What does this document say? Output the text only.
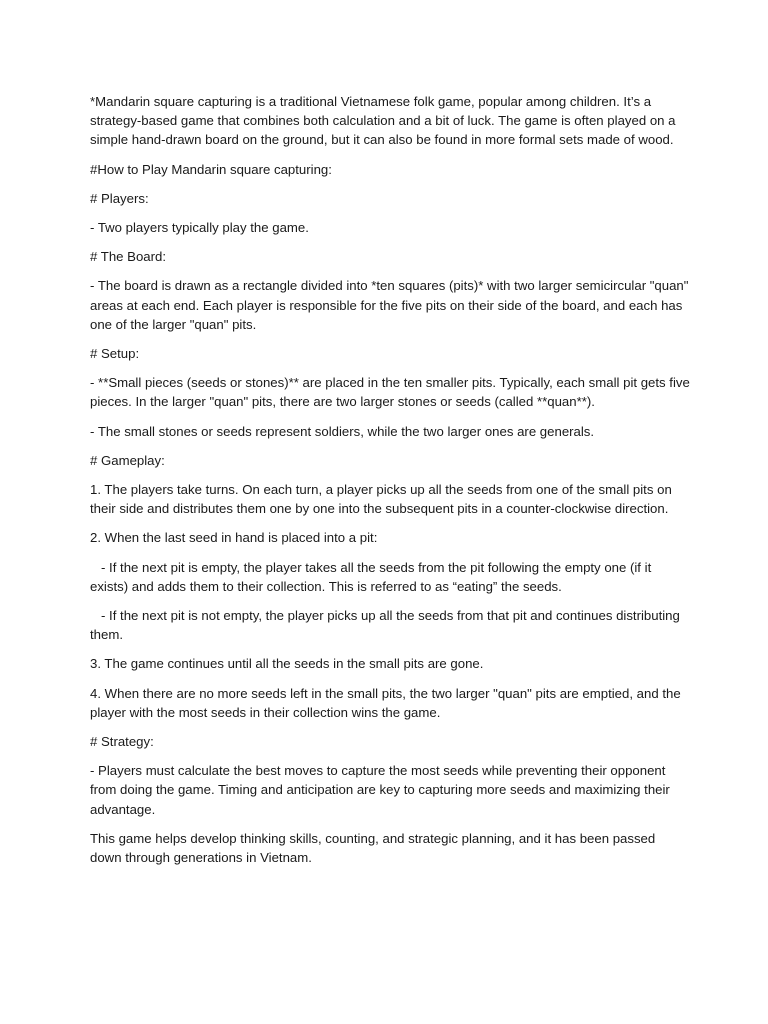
*Mandarin square capturing is a traditional Vietnamese folk game, popular among children. It’s a strategy-based game that combines both calculation and a bit of luck. The game is often played on a simple hand-drawn board on the ground, but it can also be found in more formal sets made of wood.

#How to Play Mandarin square capturing:

# Players:

- Two players typically play the game.

# The Board:

- The board is drawn as a rectangle divided into *ten squares (pits)* with two larger semicircular "quan" areas at each end. Each player is responsible for the five pits on their side of the board, and each has one of the larger "quan" pits.

# Setup:

- **Small pieces (seeds or stones)** are placed in the ten smaller pits. Typically, each small pit gets five pieces. In the larger "quan" pits, there are two larger stones or seeds (called **quan**).

- The small stones or seeds represent soldiers, while the two larger ones are generals.

# Gameplay:

1. The players take turns. On each turn, a player picks up all the seeds from one of the small pits on their side and distributes them one by one into the subsequent pits in a counter-clockwise direction.

2. When the last seed in hand is placed into a pit:

- If the next pit is empty, the player takes all the seeds from the pit following the empty one (if it exists) and adds them to their collection. This is referred to as “eating” the seeds.

- If the next pit is not empty, the player picks up all the seeds from that pit and continues distributing them.

3. The game continues until all the seeds in the small pits are gone.

4. When there are no more seeds left in the small pits, the two larger "quan" pits are emptied, and the player with the most seeds in their collection wins the game.

# Strategy:

- Players must calculate the best moves to capture the most seeds while preventing their opponent from doing the game. Timing and anticipation are key to capturing more seeds and maximizing their advantage.

This game helps develop thinking skills, counting, and strategic planning, and it has been passed down through generations in Vietnam.
